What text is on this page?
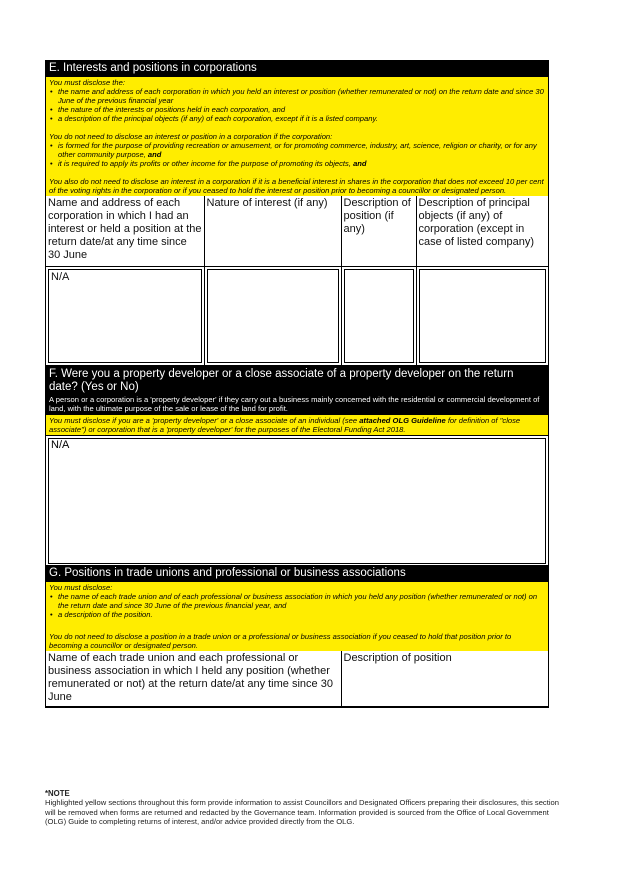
E. Interests and positions in corporations

You must disclose the:

• the name and address of each corporation in which you held an interest or position (whether remunerated or not) on the return date and since 30 June of the previous financial year
• the nature of the interests or positions held in each corporation, and
• a description of the principal objects (if any) of each corporation, except if it is a listed company.

You do not need to disclose an interest or position in a corporation if the corporation:

• is formed for the purpose of providing recreation or amusement, or for promoting commerce, industry, art, science, religion or charity, or for any other community purpose, and
• it is required to apply its profits or other income for the purpose of promoting its objects, and

You also do not need to disclose an interest in a corporation if it is a beneficial interest in shares in the corporation that does not exceed 10 per cent of the voting rights in the corporation or if you ceased to hold the interest or position prior to becoming a councillor or designated person.

Name and address of each corporation in which I had an interest or held a position at the return date/at any time since 30 June	Nature of interest (if any)	Description of position (if any)	Description of principal objects (if any) of corporation (except in case of listed company)

N/A			

F. Were you a property developer or a close associate of a property developer on the return date? (Yes or No)
A person or a corporation is a 'property developer' if they carry out a business mainly concerned with the residential or commercial development of land, with the ultimate purpose of the sale or lease of the land for profit.

You must disclose if you are a 'property developer' or a close associate of an individual (see attached OLG Guideline for definition of "close associate") or corporation that is a 'property developer' for the purposes of the Electoral Funding Act 2018.

N/A
G. Positions in trade unions and professional or business associations

You must disclose:

• the name of each trade union and of each professional or business association in which you held any position (whether remunerated or not) on the return date and since 30 June of the previous financial year, and
• a description of the position.

You do not need to disclose a position in a trade union or a professional or business association if you ceased to hold that position prior to becoming a councillor or designated person.

Name of each trade union and each professional or business association in which I held any position (whether remunerated or not) at the return date/at any time since 30 June	Description of position
*NOTE
Highlighted yellow sections throughout this form provide information to assist Councillors and Designated Officers preparing their disclosures, this section will be removed when forms are returned and redacted by the Governance team. Information provided is sourced from the Office of Local Government (OLG) Guide to completing returns of interest, and/or advice provided directly from the OLG.
